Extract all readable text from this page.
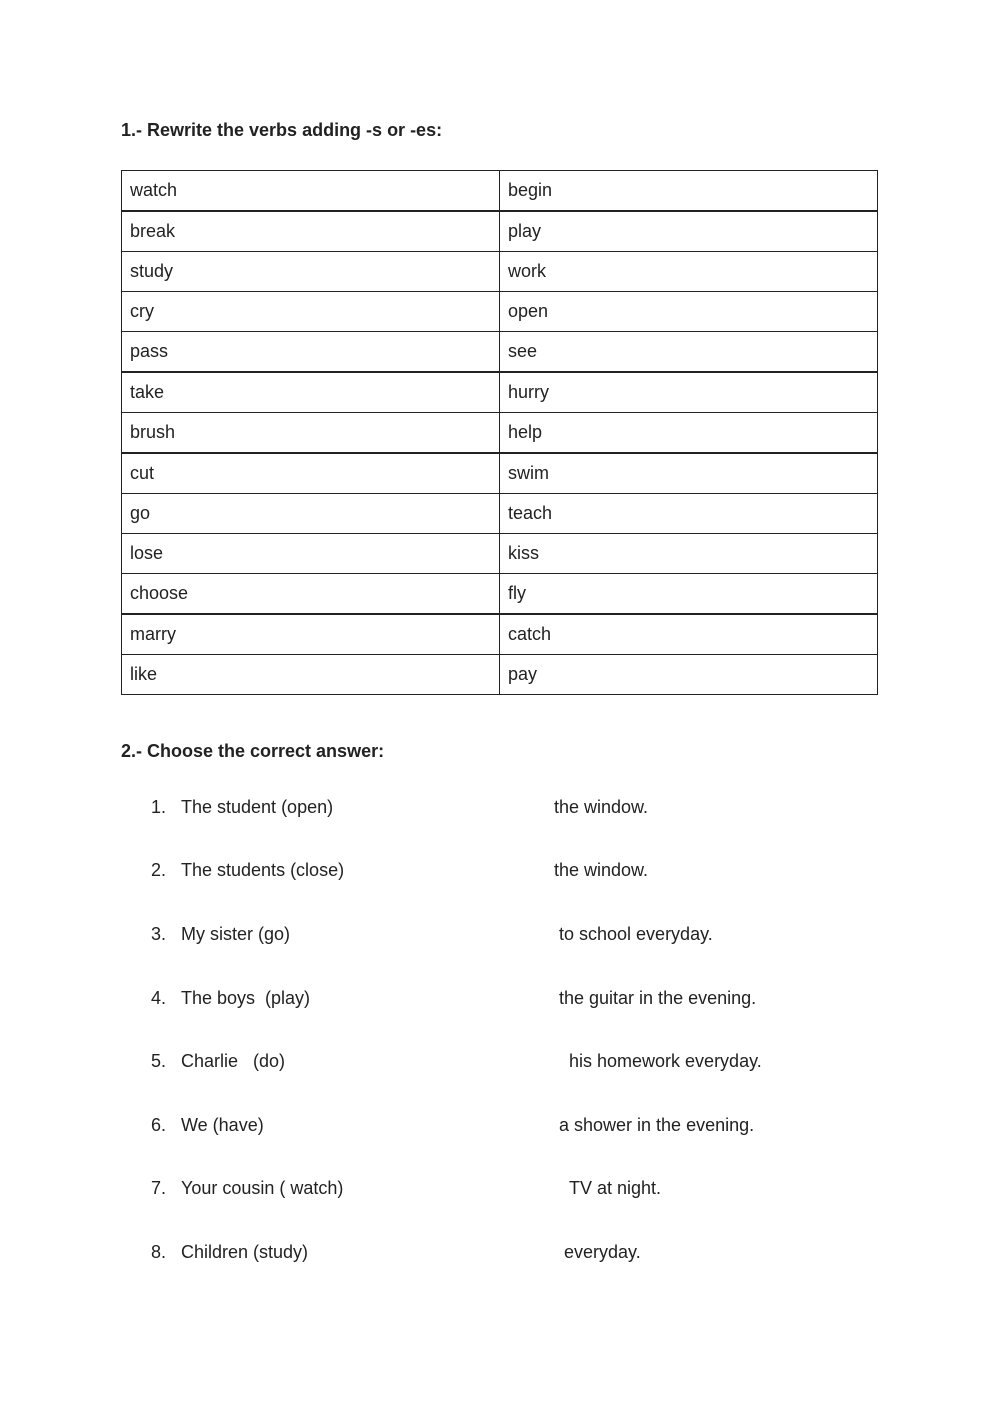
1.- Rewrite the verbs adding -s or -es:
watch	begin
break	play
study	work
cry	open
pass	see
take	hurry
brush	help
cut	swim
go	teach
lose	kiss
choose	fly
marry	catch
like	pay
2.- Choose the correct answer:
1. The student (open)	the window.
2. The students (close)	the window.
3. My sister (go)	to school everyday.
4. The boys  (play)	the guitar in the evening.
5. Charlie   (do)	his homework everyday.
6. We (have)	a shower in the evening.
7. Your cousin ( watch)	TV at night.
8. Children (study)	everyday.
